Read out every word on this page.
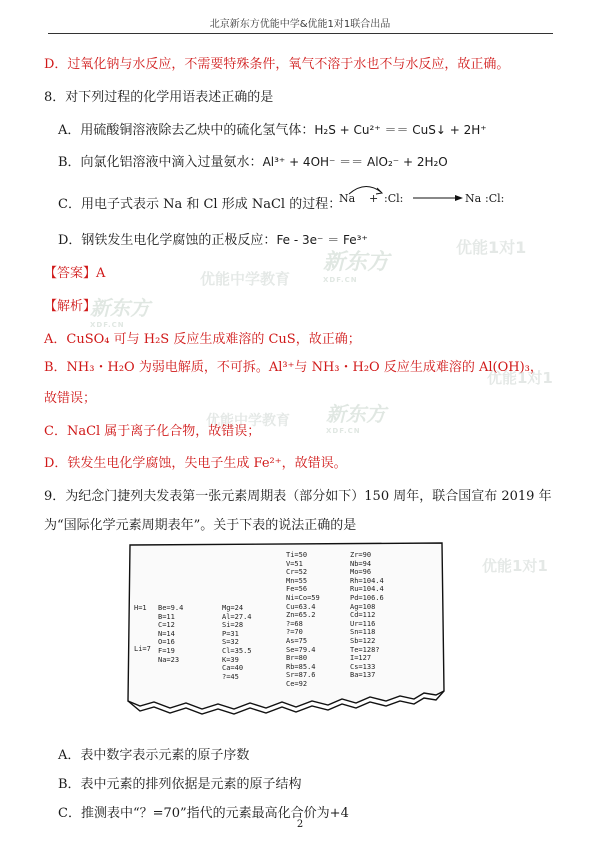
北京新东方优能中学&优能1对1联合出品
新东方
XDF.CN
优能中学教育
优能1对1
新东方
XDF.CN
优能1对1
新东方
XDF.CN
优能中学教育
优能1对1
D．过氧化钠与水反应，不需要特殊条件，氧气不溶于水也不与水反应，故正确。
8．对下列过程的化学用语表述正确的是
A．用硫酸铜溶液除去乙炔中的硫化氢气体：H₂S + Cu²⁺ ＝＝ CuS↓ + 2H⁺
B．向氯化铝溶液中滴入过量氨水：Al³⁺ + 4OH⁻ ＝＝ AlO₂⁻ + 2H₂O
C．用电子式表示 Na 和 Cl 形成 NaCl 的过程：
Na + :Cl:	Na :Cl:
D．钢铁发生电化学腐蚀的正极反应：Fe - 3e⁻ ＝ Fe³⁺
【答案】A
【解析】
A．CuSO₄ 可与 H₂S 反应生成难溶的 CuS，故正确；
B．NH₃・H₂O 为弱电解质，不可拆。Al³⁺与 NH₃・H₂O 反应生成难溶的 Al(OH)₃，
故错误；
C．NaCl 属于离子化合物，故错误；
D．铁发生电化学腐蚀，失电子生成 Fe²⁺，故错误。
9．为纪念门捷列夫发表第一张元素周期表（部分如下）150 周年，联合国宣布 2019 年
为“国际化学元素周期表年”。关于下表的说法正确的是
H=1

Li=7
Be=9.4
B=11
C=12
N=14
O=16
F=19
Na=23
Mg=24
Al=27.4
Si=28
P=31
S=32
Cl=35.5
K=39
Ca=40
?=45
Ti=50
V=51
Cr=52
Mn=55
Fe=56
Ni=Co=59
Cu=63.4
Zn=65.2
?=68
?=70
As=75
Se=79.4
Br=80
Rb=85.4
Sr=87.6
Ce=92
Zr=90
Nb=94
Mo=96
Rh=104.4
Ru=104.4
Pd=106.6
Ag=108
Cd=112
Ur=116
Sn=118
Sb=122
Te=128?
I=127
Cs=133
Ba=137
A．表中数字表示元素的原子序数
B．表中元素的排列依据是元素的原子结构
C．推测表中“？=70”指代的元素最高化合价为+4
2
